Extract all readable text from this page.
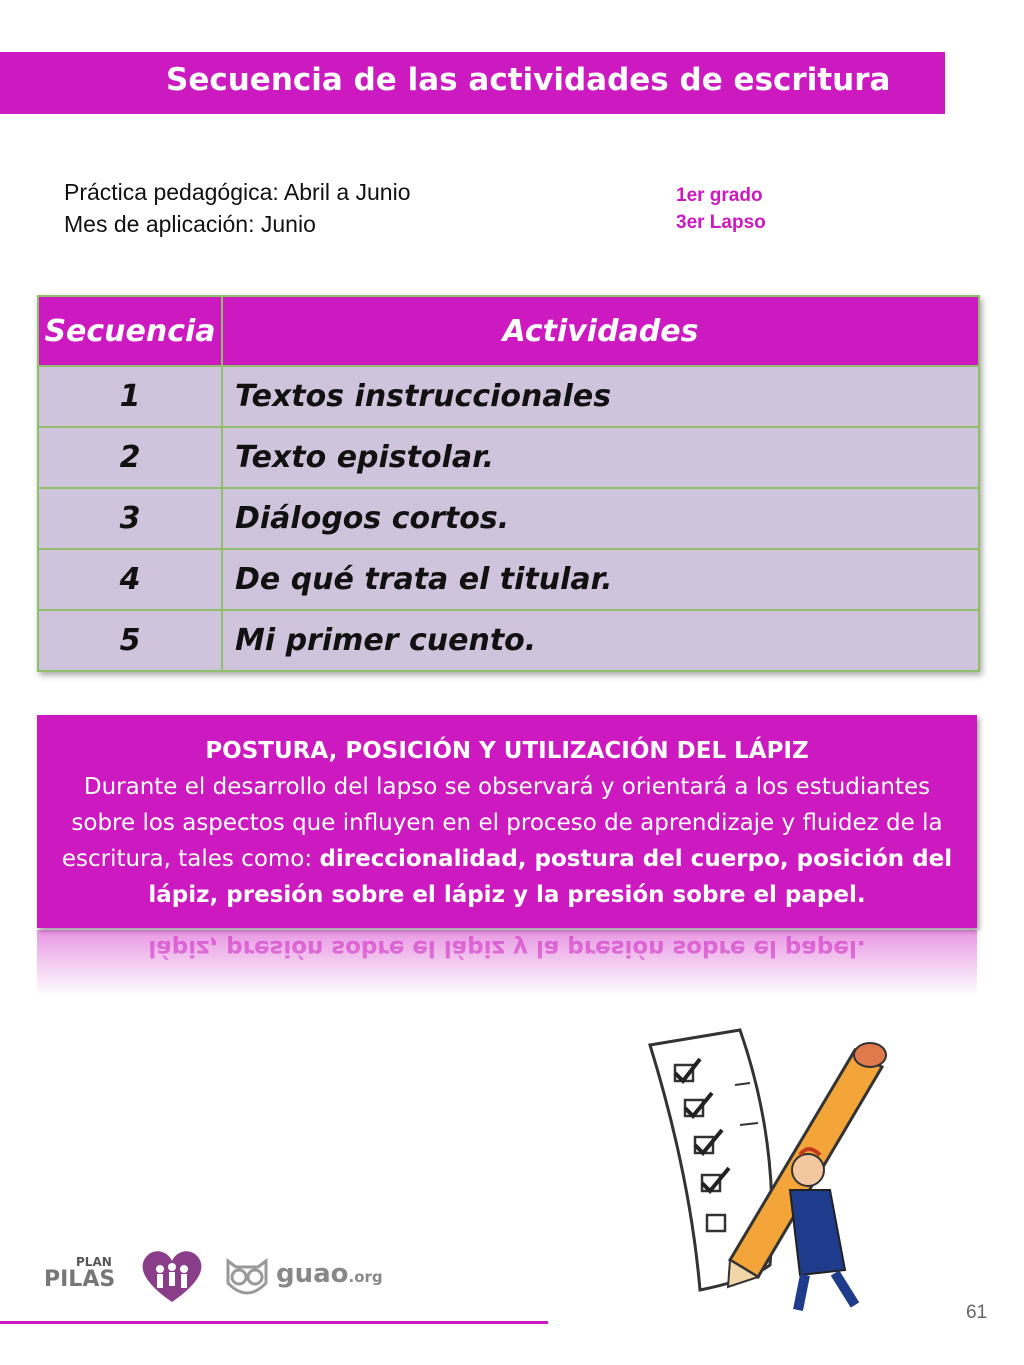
Secuencia de las actividades de escritura
Práctica pedagógica: Abril a Junio
Mes de aplicación: Junio
1er grado
3er Lapso
Secuencia	Actividades
1	Textos instruccionales
2	Texto epistolar.
3	Diálogos cortos.
4	De qué trata el titular.
5	Mi primer cuento.
POSTURA, POSICIÓN Y UTILIZACIÓN DEL LÁPIZ
Durante el desarrollo del lapso se observará y orientará a los estudiantes sobre los aspectos que influyen en el proceso de aprendizaje y fluidez de la escritura, tales como: direccionalidad, postura del cuerpo, posición del lápiz, presión sobre el lápiz y la presión sobre el papel.
lápiz, presión sobre el lápiz y la presión sobre el papel.
PLAN
PILAS	guao.org
61
